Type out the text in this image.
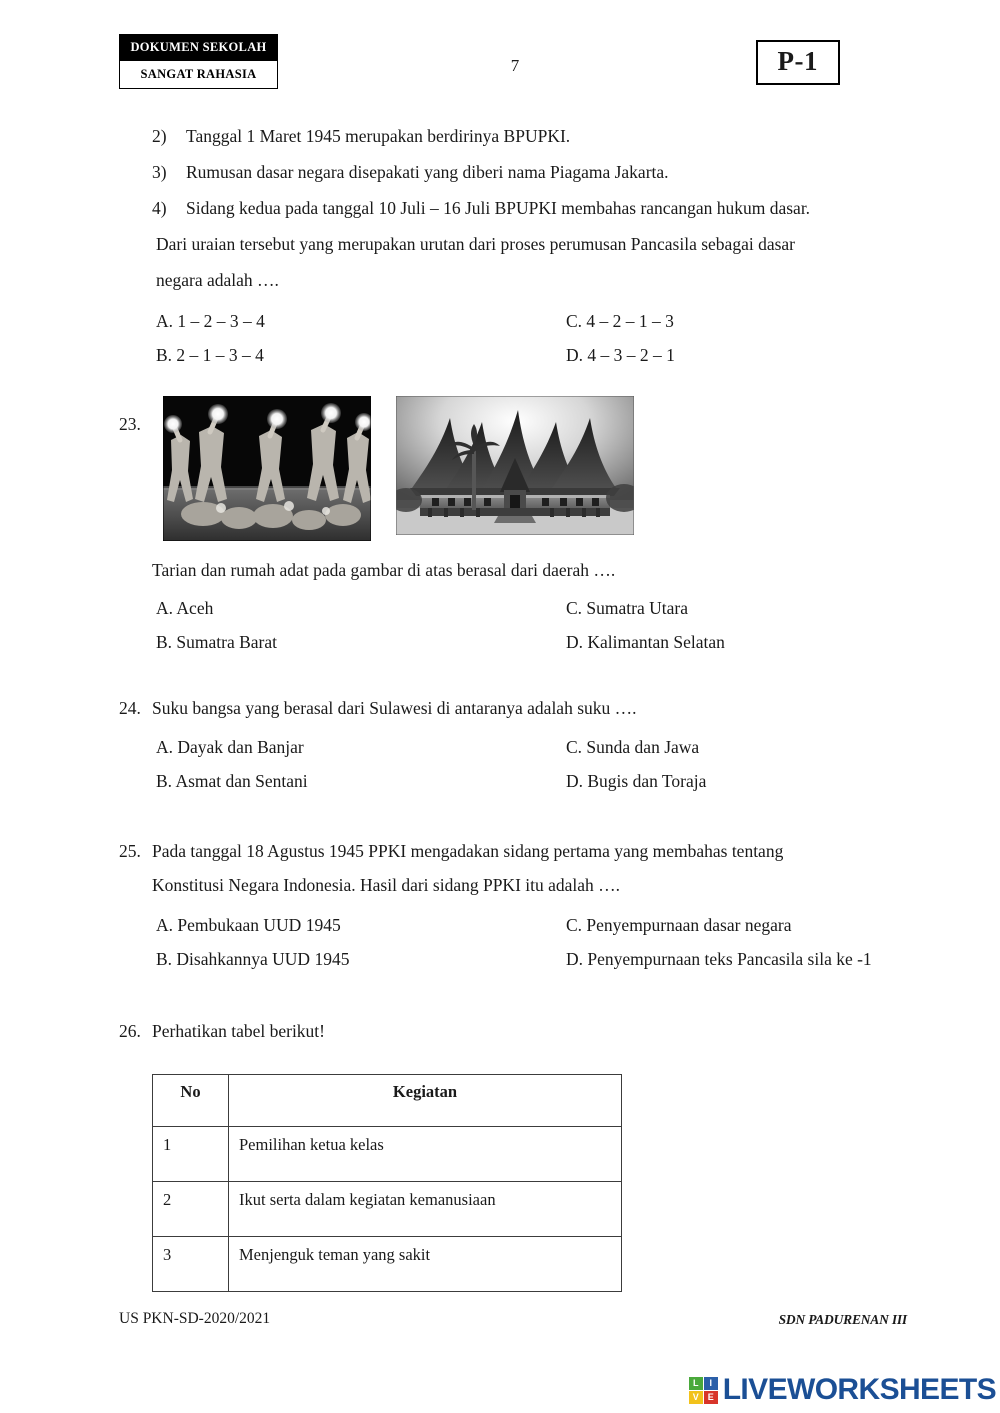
DOKUMEN SEKOLAH
SANGAT RAHASIA	7	P-1
2)	Tanggal 1 Maret 1945 merupakan berdirinya BPUPKI.
3)	Rumusan dasar negara disepakati yang diberi nama Piagama Jakarta.
4)	Sidang kedua pada tanggal 10 Juli – 16 Juli BPUPKI membahas rancangan hukum dasar.
Dari uraian tersebut yang merupakan urutan dari proses perumusan Pancasila sebagai dasar
negara adalah ….
A. 1 – 2 – 3 – 4
B. 2 – 1 – 3 – 4
C. 4 – 2 – 1 – 3
D. 4 – 3 – 2 – 1
23.
Tarian dan rumah adat pada gambar di atas berasal dari daerah ….
A. Aceh
B. Sumatra Barat
C. Sumatra Utara
D. Kalimantan Selatan
24. Suku bangsa yang berasal dari Sulawesi di antaranya adalah suku ….
A. Dayak dan Banjar
B. Asmat dan Sentani
C. Sunda dan Jawa
D. Bugis dan Toraja
25. Pada tanggal 18 Agustus 1945 PPKI mengadakan sidang pertama yang membahas tentang
Konstitusi Negara Indonesia. Hasil dari sidang PPKI itu adalah ….
A. Pembukaan UUD 1945
B. Disahkannya UUD 1945
C. Penyempurnaan dasar negara
D. Penyempurnaan teks Pancasila sila ke -1
26. Perhatikan tabel berikut!
No	Kegiatan
1	Pemilihan ketua kelas
2	Ikut serta dalam kegiatan kemanusiaan
3	Menjenguk teman yang sakit
US PKN-SD-2020/2021	SDN PADURENAN III
L	I
V E LIVEWORKSHEETS
